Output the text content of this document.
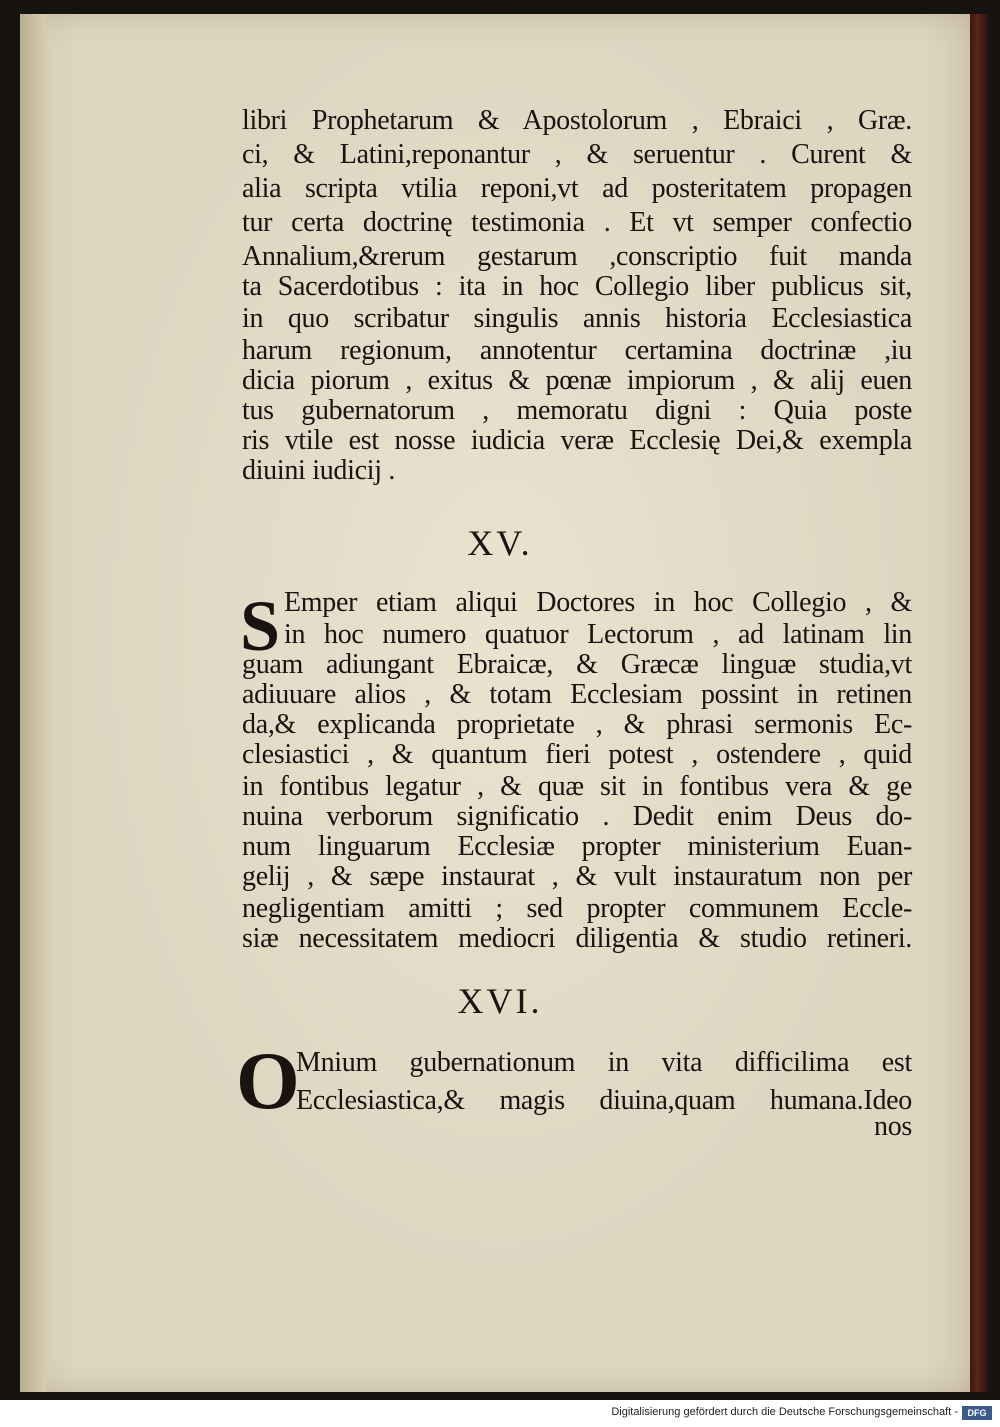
libri Prophetarum & Apostolorum , Ebraici , Græ.
ci, & Latini,reponantur , & seruentur . Curent &
alia scripta vtilia reponi,vt ad posteritatem propagen
tur certa doctrinę testimonia . Et vt semper confectio
Annalium,&rerum gestarum ,conscriptio fuit manda
ta Sacerdotibus : ita in hoc Collegio liber publicus sit,
in quo scribatur singulis annis historia Ecclesiastica
harum regionum, annotentur certamina doctrinæ ,iu
dicia piorum , exitus & pœnæ impiorum , & alij euen
tus gubernatorum , memoratu digni : Quia poste
ris vtile est nosse iudicia veræ Ecclesię Dei,& exempla
diuini iudicij .
XV.
S Emper etiam aliqui Doctores in hoc Collegio , &
in hoc numero quatuor Lectorum , ad latinam lin
guam adiungant Ebraicæ, & Græcæ linguæ studia,vt
adiuuare alios , & totam Ecclesiam possint in retinen
da,& explicanda proprietate , & phrasi sermonis Ec-
clesiastici , & quantum fieri potest , ostendere , quid
in fontibus legatur , & quæ sit in fontibus vera & ge
nuina verborum significatio . Dedit enim Deus do-
num linguarum Ecclesiæ propter ministerium Euan-
gelij , & sæpe instaurat , & vult instauratum non per
negligentiam amitti ; sed propter communem Eccle-
siæ necessitatem mediocri diligentia & studio retineri.
XVI.
O
Mnium gubernationum in vita difficilima est
Ecclesiastica,& magis diuina,quam humana.Ideo
nos
Digitalisierung gefördert durch die Deutsche Forschungsgemeinschaft -	DFG
